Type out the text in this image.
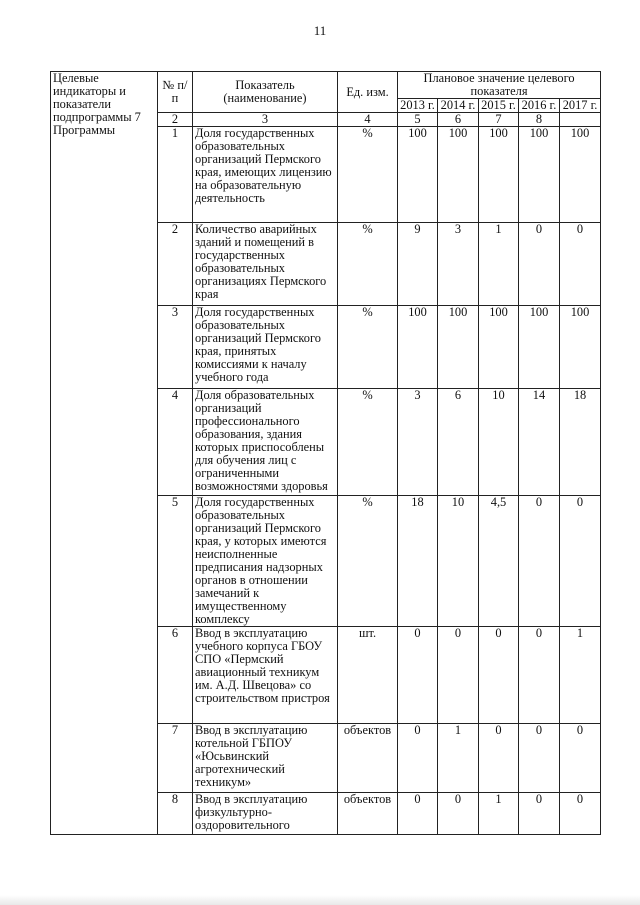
11
Целевые индикаторы и показатели подпрограммы 7 Программы	№ п/п	Показатель (наименование)	Ед. изм.	Плановое значение целевого показателя				
				2013 г.	2014 г.	2015 г.	2016 г.	2017 г.
	2	3	4	5	6	7	8	
	1	Доля государственных образовательных организаций Пермского края, имеющих лицензию на образовательную деятельность	%	100	100	100	100	100
	2	Количество аварийных зданий и помещений в государственных образовательных организациях Пермского края	%	9	3	1	0	0
	3	Доля государственных образовательных организаций Пермского края, принятых комиссиями к началу учебного года	%	100	100	100	100	100
	4	Доля образовательных организаций профессионального образования, здания которых приспособлены для обучения лиц с ограниченными возможностями здоровья	%	3	6	10	14	18
	5	Доля государственных образовательных организаций Пермского края, у которых имеются неисполненные предписания надзорных органов в отношении замечаний к имущественному комплексу	%	18	10	4,5	0	0
	6	Ввод в эксплуатацию учебного корпуса ГБОУ СПО «Пермский авиационный техникум им. А.Д. Швецова» со строительством пристроя	шт.	0	0	0	0	1
	7	Ввод в эксплуатацию котельной ГБПОУ «Юсьвинский агротехнический техникум»	объектов	0	1	0	0	0
	8	Ввод в эксплуатацию физкультурно-оздоровительного	объектов	0	0	1	0	0
